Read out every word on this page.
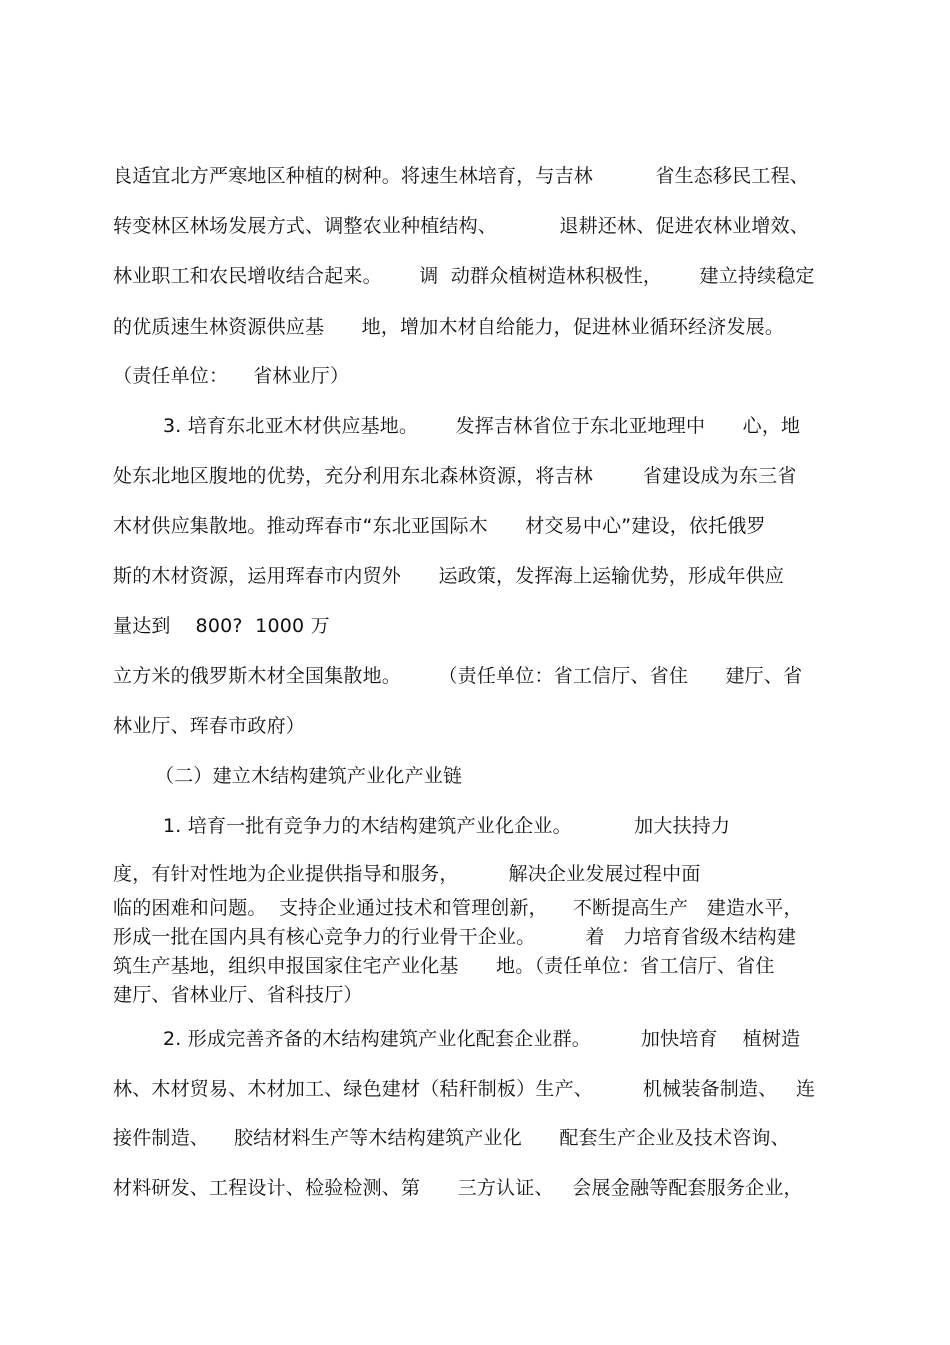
良适宜北方严寒地区种植的树种。将速生林培育，与吉林          省生态移民工程、
转变林区林场发展方式、调整农业种植结构、          退耕还林、促进农林业增效、
林业职工和农民增收结合起来。      调  动群众植树造林积极性，      建立持续稳定
的优质速生林资源供应基      地，增加木材自给能力，促进林业循环经济发展。
（责任单位：    省林业厅）
3. 培育东北亚木材供应基地。      发挥吉林省位于东北亚地理中      心，地
处东北地区腹地的优势，充分利用东北森林资源，将吉林        省建设成为东三省
木材供应集散地。推动珲春市“东北亚国际木      材交易中心”建设，依托俄罗
斯的木材资源，运用珲春市内贸外      运政策，发挥海上运输优势，形成年供应
量达到    800?  1000 万
立方米的俄罗斯木材全国集散地。      （责任单位：省工信厅、省住      建厅、省
林业厅、珲春市政府）
（二）建立木结构建筑产业化产业链
1. 培育一批有竞争力的木结构建筑产业化企业。          加大扶持力
度，有针对性地为企业提供指导和服务，        解决企业发展过程中面
临的困难和问题。  支持企业通过技术和管理创新，    不断提高生产   建造水平，
形成一批在国内具有核心竞争力的行业骨干企业。        着   力培育省级木结构建
筑生产基地，组织申报国家住宅产业化基      地。（责任单位：省工信厅、省住
建厅、省林业厅、省科技厅）
2. 形成完善齐备的木结构建筑产业化配套企业群。        加快培育    植树造
林、木材贸易、木材加工、绿色建材（秸秆制板）生产、        机械装备制造、   连
接件制造、    胶结材料生产等木结构建筑产业化      配套生产企业及技术咨询、
材料研发、工程设计、检验检测、第      三方认证、   会展金融等配套服务企业，
